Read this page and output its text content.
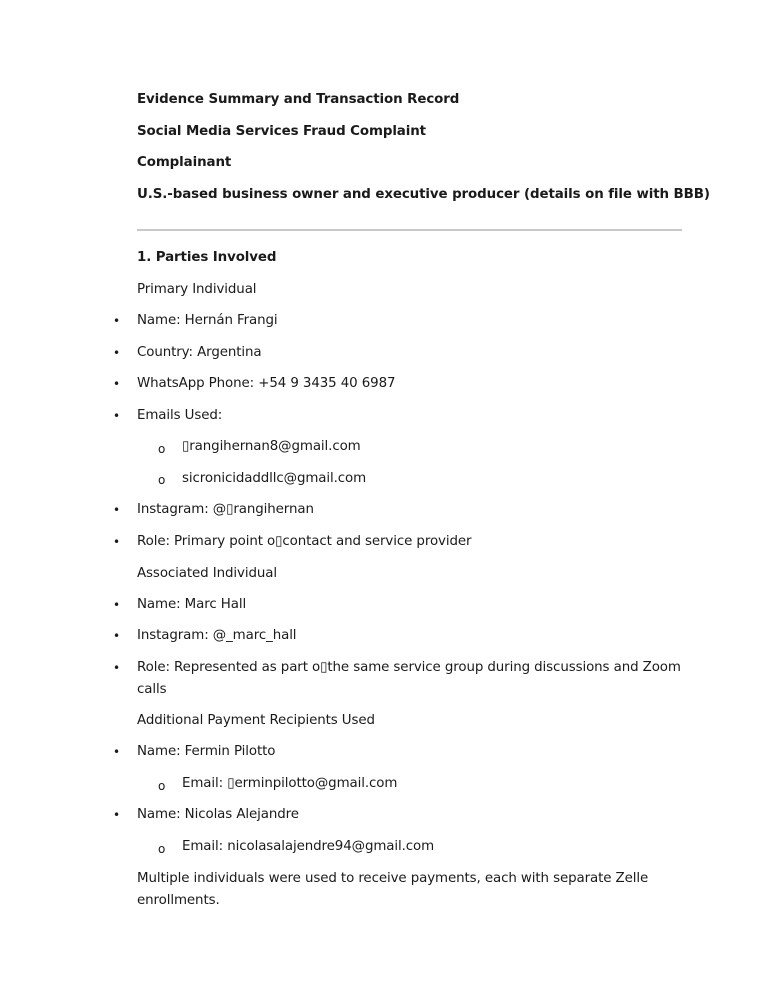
Evidence Summary and Transaction Record
Social Media Services Fraud Complaint
Complainant
U.S.-based business owner and executive producer (details on file with BBB)
1. Parties Involved
Primary Individual
• Name: Hernán Frangi
• Country: Argentina
• WhatsApp Phone: +54 9 3435 40 6987
• Emails Used:
o ▯rangihernan8@gmail.com
o sicronicidaddllc@gmail.com
• Instagram: @▯rangihernan
• Role: Primary point o▯contact and service provider
Associated Individual
• Name: Marc Hall
• Instagram: @_marc_hall
• Role: Represented as part o▯the same service group during discussions and Zoom calls
Additional Payment Recipients Used
• Name: Fermin Pilotto
o Email: ▯erminpilotto@gmail.com
• Name: Nicolas Alejandre
o Email: nicolasalajendre94@gmail.com
Multiple individuals were used to receive payments, each with separate Zelle enrollments.
